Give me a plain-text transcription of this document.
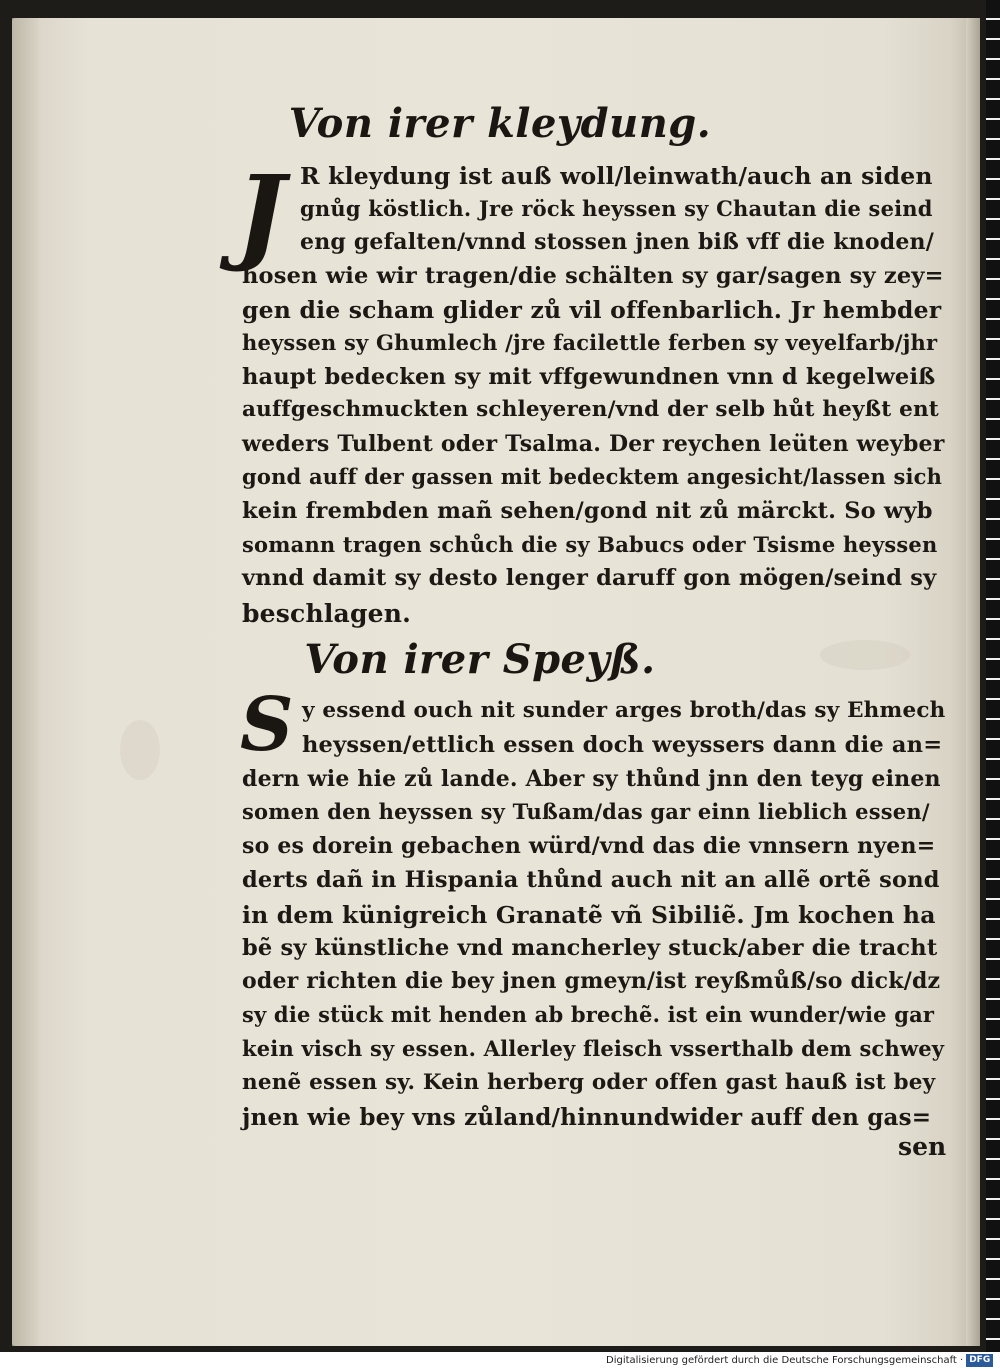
Von irer kleydung.
J R kleydung ist auß woll/leinwath/auch an siden
gnůg köstlich. Jre röck heyssen sy Chautan die seind
eng gefalten/vnnd stossen jnen biß vff die knoden/
hosen wie wir tragen/die schälten sy gar/sagen sy zey=
gen die scham glider zů vil offenbarlich. Jr hembder
heyssen sy Ghumlech /jre facilettle ferben sy veyelfarb/jhr
haupt bedecken sy mit vffgewundnen vnn d kegelweiß
auffgeschmuckten schleyeren/vnd der selb hůt heyßt ent
weders Tulbent oder Tsalma. Der reychen leüten weyber
gond auff der gassen mit bedecktem angesicht/lassen sich
kein frembden mañ sehen/gond nit zů märckt. So wyb
somann tragen schůch die sy Babucs oder Tsisme heyssen
vnnd damit sy desto lenger daruff gon mögen/seind sy
beschlagen.
Von irer Speyß.
S y essend ouch nit sunder arges broth/das sy Ehmech
heyssen/ettlich essen doch weyssers dann die an=
dern wie hie zů lande. Aber sy thůnd jnn den teyg einen
somen den heyssen sy Tußam/das gar einn lieblich essen/
so es dorein gebachen würd/vnd das die vnnsern nyen=
derts dañ in Hispania thůnd auch nit an allẽ ortẽ sond
in dem künigreich Granatẽ vñ Sibiliẽ. Jm kochen ha
bẽ sy künstliche vnd mancherley stuck/aber die tracht
oder richten die bey jnen gmeyn/ist reyßmůß/so dick/dz
sy die stück mit henden ab brechẽ. ist ein wunder/wie gar
kein visch sy essen. Allerley fleisch vsserthalb dem schwey
nenẽ essen sy. Kein herberg oder offen gast hauß ist bey
jnen wie bey vns zůland/hinnundwider auff den gas=
sen
Digitalisierung gefördert durch die Deutsche Forschungsgemeinschaft · DFG
